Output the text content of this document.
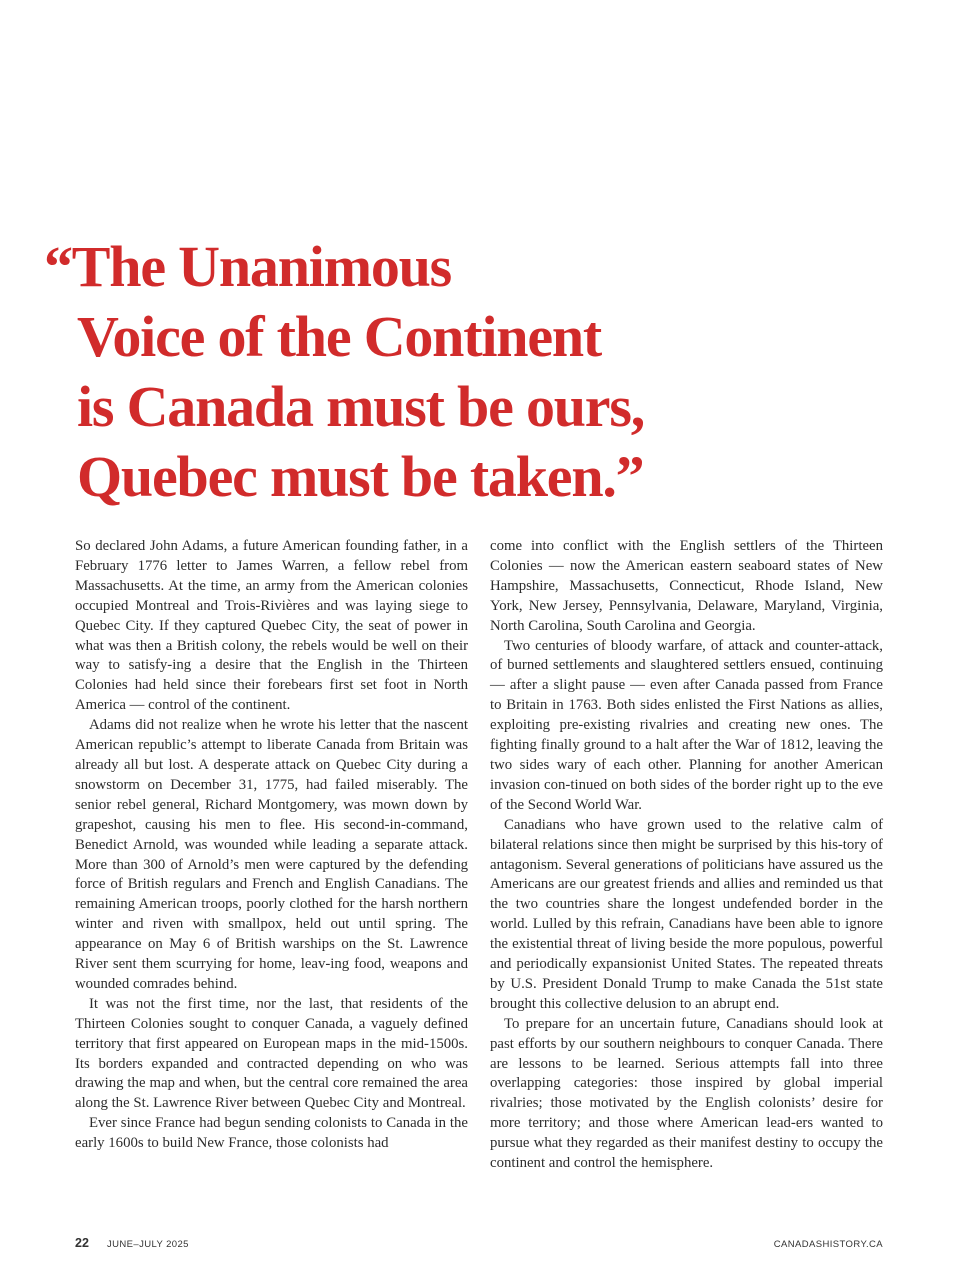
“The Unanimous
Voice of the Continent
is Canada must be ours,
Quebec must be taken.”

So declared John Adams, a future American founding father, in a February 1776 letter to James Warren, a fellow rebel from Massachusetts. At the time, an army from the American colonies occupied Montreal and Trois-Rivières and was laying siege to Quebec City. If they captured Quebec City, the seat of power in what was then a British colony, the rebels would be well on their way to satisfy-ing a desire that the English in the Thirteen Colonies had held since their forebears first set foot in North America — control of the continent.

Adams did not realize when he wrote his letter that the nascent American republic’s attempt to liberate Canada from Britain was already all but lost. A desperate attack on Quebec City during a snowstorm on December 31, 1775, had failed miserably. The senior rebel general, Richard Montgomery, was mown down by grapeshot, causing his men to flee. His second-in-command, Benedict Arnold, was wounded while leading a separate attack. More than 300 of Arnold’s men were captured by the defending force of British regulars and French and English Canadians. The remaining American troops, poorly clothed for the harsh northern winter and riven with smallpox, held out until spring. The appearance on May 6 of British warships on the St. Lawrence River sent them scurrying for home, leav-ing food, weapons and wounded comrades behind.

It was not the first time, nor the last, that residents of the Thirteen Colonies sought to conquer Canada, a vaguely defined territory that first appeared on European maps in the mid-1500s. Its borders expanded and contracted depending on who was drawing the map and when, but the central core remained the area along the St. Lawrence River between Quebec City and Montreal.

Ever since France had begun sending colonists to Canada in the early 1600s to build New France, those colonists had

come into conflict with the English settlers of the Thirteen Colonies — now the American eastern seaboard states of New Hampshire, Massachusetts, Connecticut, Rhode Island, New York, New Jersey, Pennsylvania, Delaware, Maryland, Virginia, North Carolina, South Carolina and Georgia.

Two centuries of bloody warfare, of attack and counter-attack, of burned settlements and slaughtered settlers ensued, continuing — after a slight pause — even after Canada passed from France to Britain in 1763. Both sides enlisted the First Nations as allies, exploiting pre-existing rivalries and creating new ones. The fighting finally ground to a halt after the War of 1812, leaving the two sides wary of each other. Planning for another American invasion con-tinued on both sides of the border right up to the eve of the Second World War.

Canadians who have grown used to the relative calm of bilateral relations since then might be surprised by this his-tory of antagonism. Several generations of politicians have assured us the Americans are our greatest friends and allies and reminded us that the two countries share the longest undefended border in the world. Lulled by this refrain, Canadians have been able to ignore the existential threat of living beside the more populous, powerful and periodically expansionist United States. The repeated threats by U.S. President Donald Trump to make Canada the 51st state brought this collective delusion to an abrupt end.

To prepare for an uncertain future, Canadians should look at past efforts by our southern neighbours to conquer Canada. There are lessons to be learned. Serious attempts fall into three overlapping categories: those inspired by global imperial rivalries; those motivated by the English colonists’ desire for more territory; and those where American lead-ers wanted to pursue what they regarded as their manifest destiny to occupy the continent and control the hemisphere.

22 JUNE–JULY 2025	CANADASHISTORY.CA
